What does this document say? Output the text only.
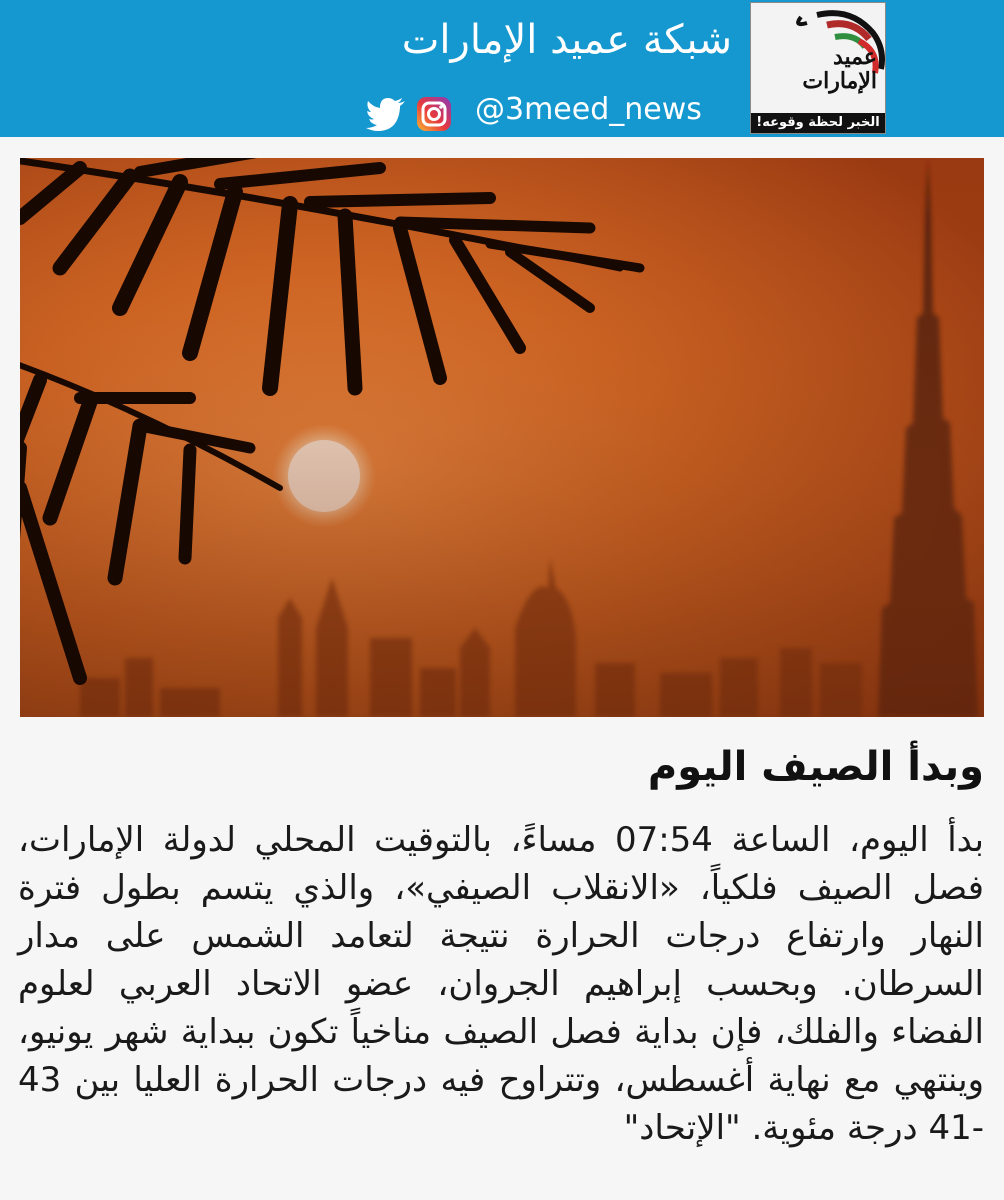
عميد الإمارات
الخبر لحظة وقوعه!
شبكة عميد الإمارات
@3meed_news
وبدأ الصيف اليوم
بدأ اليوم، الساعة 07:54 مساءً، بالتوقيت المحلي لدولة الإمارات، فصل الصيف فلكياً، «الانقلاب الصيفي»، والذي يتسم بطول فترة النهار وارتفاع درجات الحرارة نتيجة لتعامد الشمس على مدار السرطان. وبحسب إبراهيم الجروان، عضو الاتحاد العربي لعلوم الفضاء والفلك، فإن بداية فصل الصيف مناخياً تكون ببداية شهر يونيو، وينتهي مع نهاية أغسطس، وتتراوح فيه درجات الحرارة العليا بين 43 -41 درجة مئوية. "الإتحاد"
